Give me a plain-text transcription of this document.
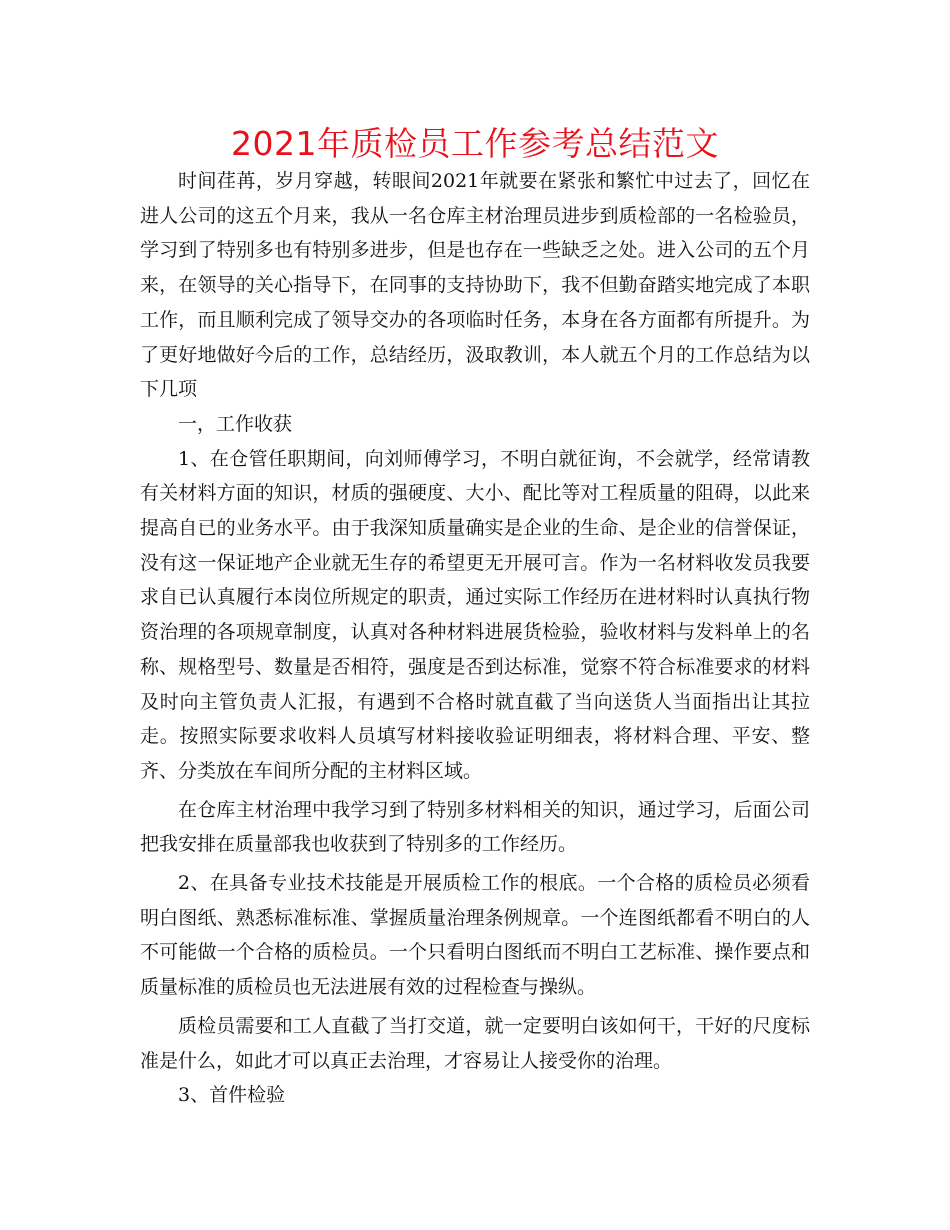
2021年质检员工作参考总结范文

时间荏苒，岁月穿越，转眼间2021年就要在紧张和繁忙中过去了，回忆在进人公司的这五个月来，我从一名仓库主材治理员进步到质检部的一名检验员，学习到了特别多也有特别多进步，但是也存在一些缺乏之处。进入公司的五个月来，在领导的关心指导下，在同事的支持协助下，我不但勤奋踏实地完成了本职工作，而且顺利完成了领导交办的各项临时任务，本身在各方面都有所提升。为了更好地做好今后的工作，总结经历，汲取教训，本人就五个月的工作总结为以下几项

一，工作收获

1、在仓管任职期间，向刘师傅学习，不明白就征询，不会就学，经常请教有关材料方面的知识，材质的强硬度、大小、配比等对工程质量的阻碍，以此来提高自已的业务水平。由于我深知质量确实是企业的生命、是企业的信誉保证，没有这一保证地产企业就无生存的希望更无开展可言。作为一名材料收发员我要求自已认真履行本岗位所规定的职责，通过实际工作经历在进材料时认真执行物资治理的各项规章制度，认真对各种材料进展货检验，验收材料与发料单上的名称、规格型号、数量是否相符，强度是否到达标准，觉察不符合标准要求的材料及时向主管负责人汇报，有遇到不合格时就直截了当向送货人当面指出让其拉走。按照实际要求收料人员填写材料接收验证明细表，将材料合理、平安、整齐、分类放在车间所分配的主材料区域。

在仓库主材治理中我学习到了特别多材料相关的知识，通过学习，后面公司把我安排在质量部我也收获到了特别多的工作经历。

2、在具备专业技术技能是开展质检工作的根底。一个合格的质检员必须看明白图纸、熟悉标准标准、掌握质量治理条例规章。一个连图纸都看不明白的人不可能做一个合格的质检员。一个只看明白图纸而不明白工艺标准、操作要点和质量标准的质检员也无法进展有效的过程检查与操纵。

质检员需要和工人直截了当打交道，就一定要明白该如何干，干好的尺度标准是什么，如此才可以真正去治理，才容易让人接受你的治理。

3、首件检验
